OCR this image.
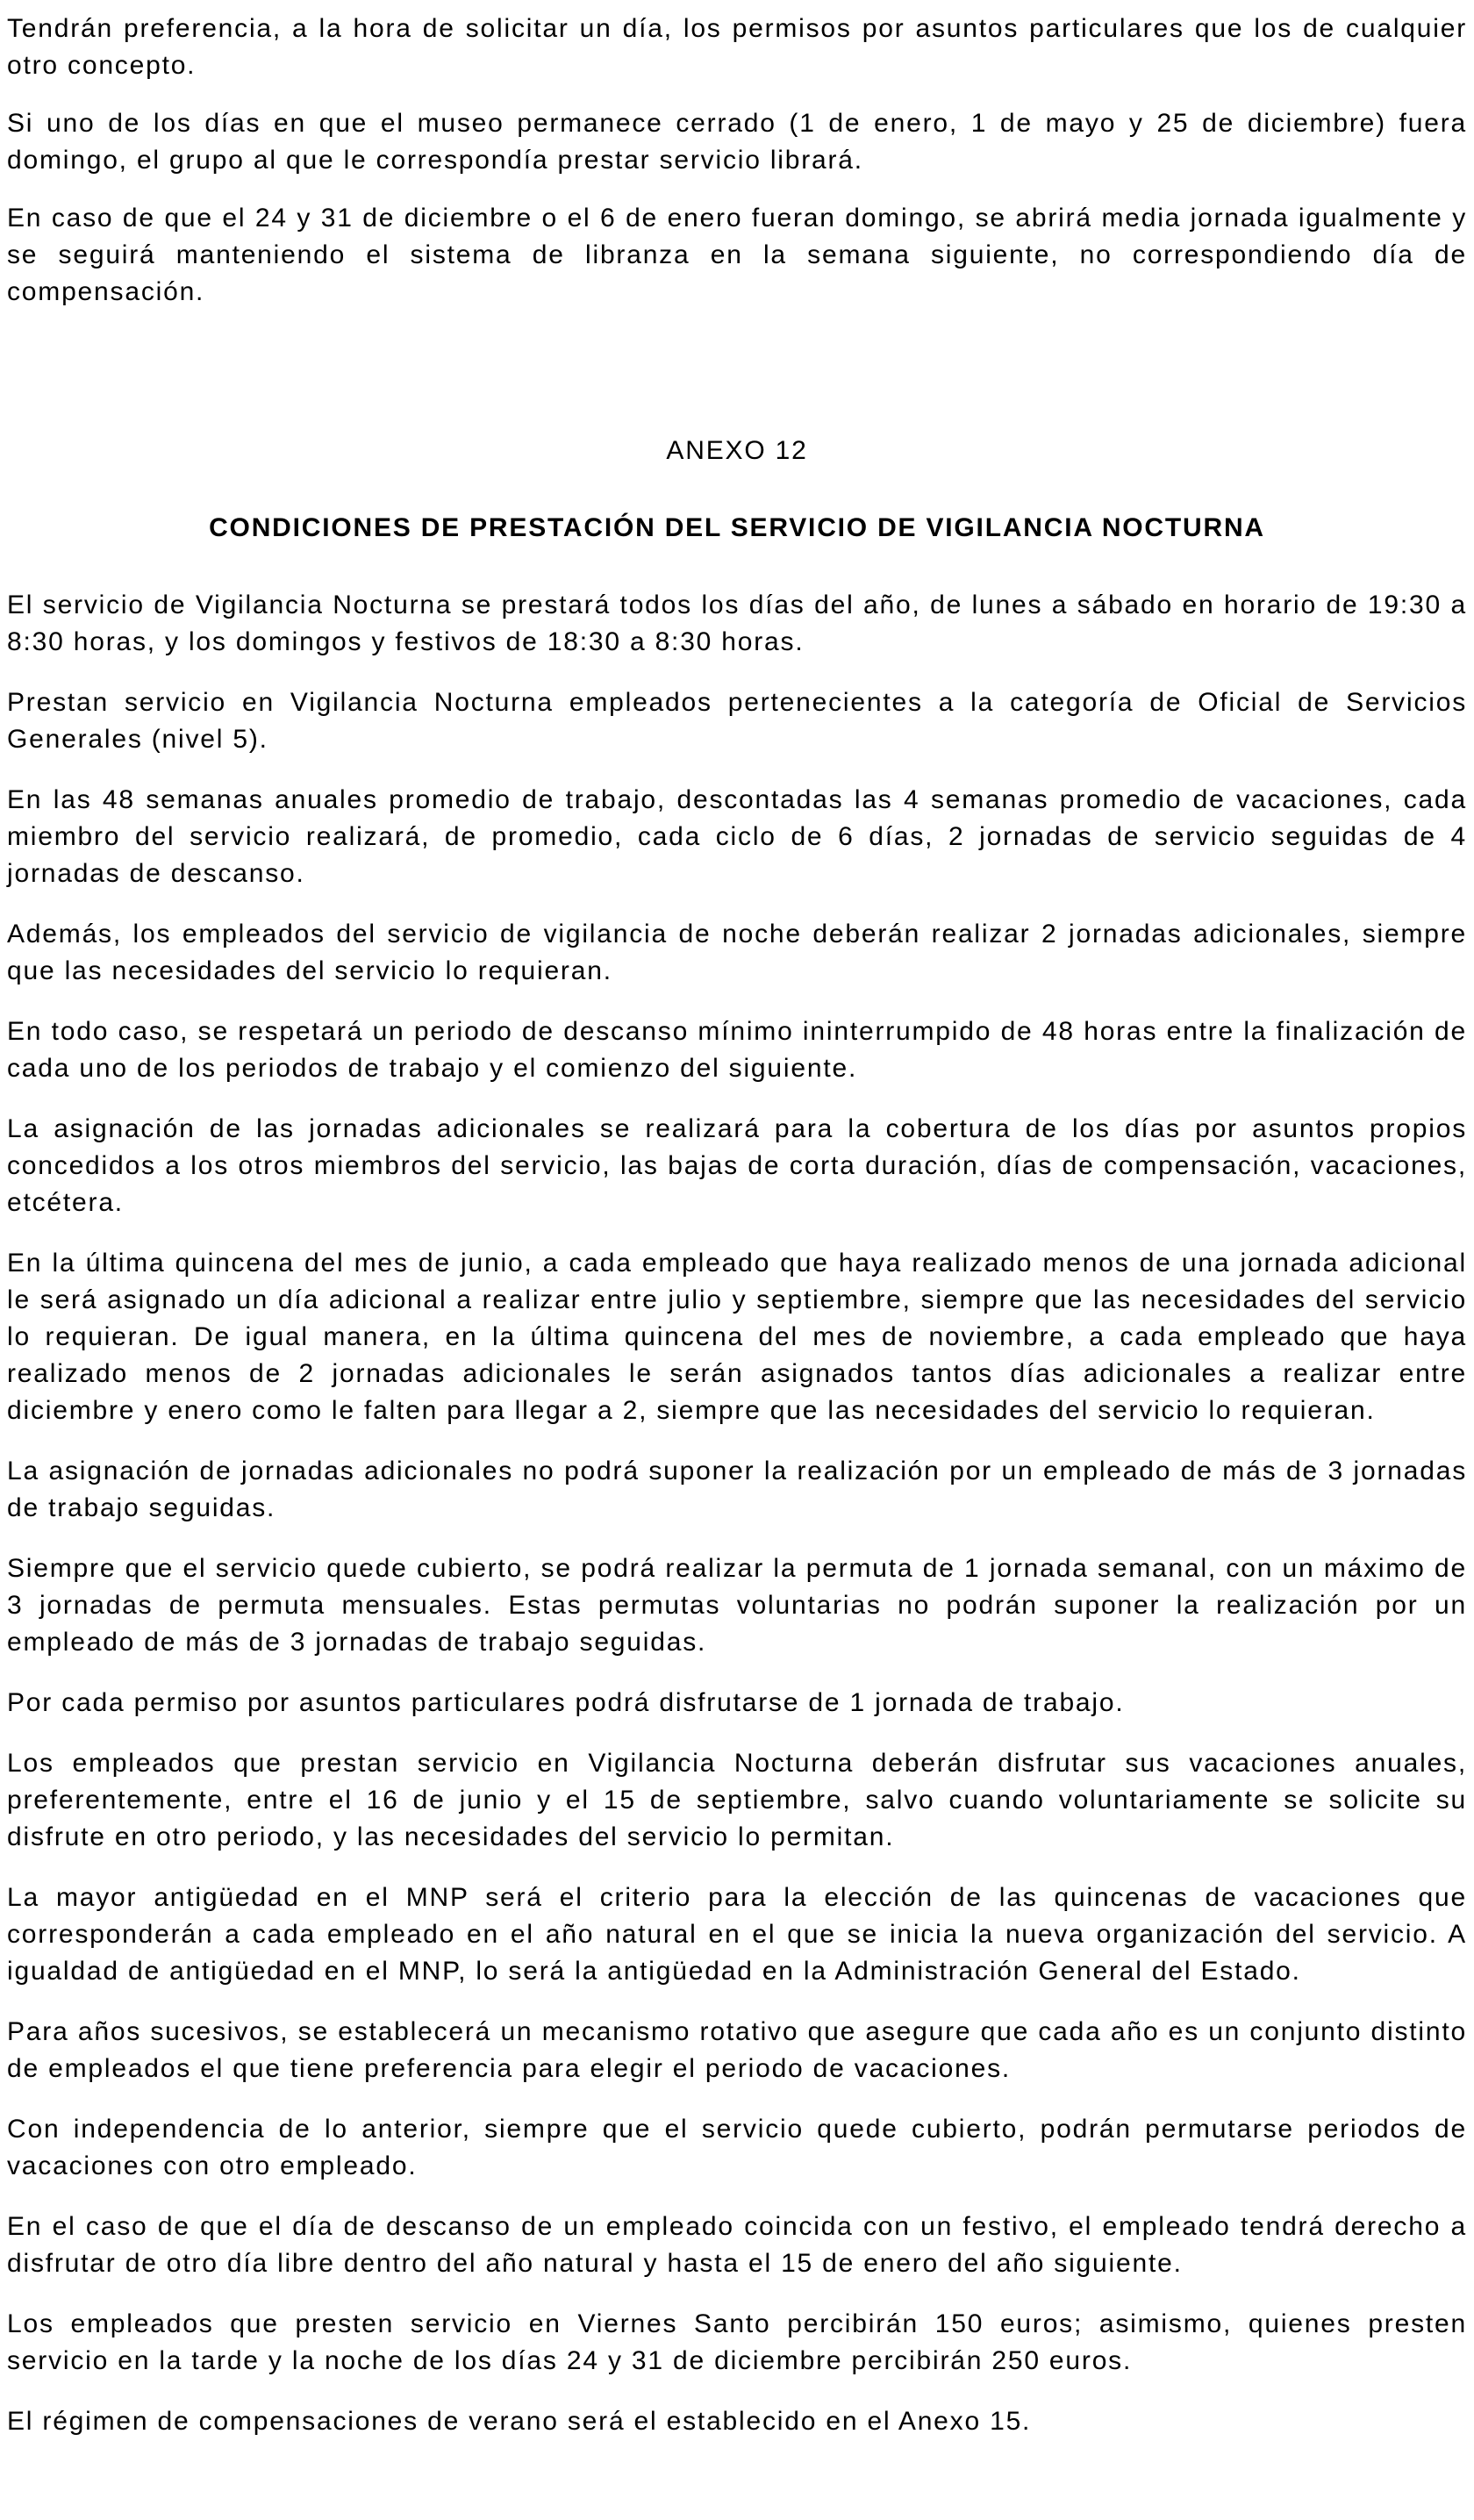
Tendrán preferencia, a la hora de solicitar un día, los permisos por asuntos particulares que los de cualquier otro concepto.

Si uno de los días en que el museo permanece cerrado (1 de enero, 1 de mayo y 25 de diciembre) fuera domingo, el grupo al que le correspondía prestar servicio librará.

En caso de que el 24 y 31 de diciembre o el 6 de enero fueran domingo, se abrirá media jornada igualmente y se seguirá manteniendo el sistema de libranza en la semana siguiente, no correspondiendo día de compensación.

ANEXO 12
CONDICIONES DE PRESTACIÓN DEL SERVICIO DE VIGILANCIA NOCTURNA

El servicio de Vigilancia Nocturna se prestará todos los días del año, de lunes a sábado en horario de 19:30 a 8:30 horas, y los domingos y festivos de 18:30 a 8:30 horas.

Prestan servicio en Vigilancia Nocturna empleados pertenecientes a la categoría de Oficial de Servicios Generales (nivel 5).

En las 48 semanas anuales promedio de trabajo, descontadas las 4 semanas promedio de vacaciones, cada miembro del servicio realizará, de promedio, cada ciclo de 6 días, 2 jornadas de servicio seguidas de 4 jornadas de descanso.

Además, los empleados del servicio de vigilancia de noche deberán realizar 2 jornadas adicionales, siempre que las necesidades del servicio lo requieran.

En todo caso, se respetará un periodo de descanso mínimo ininterrumpido de 48 horas entre la finalización de cada uno de los periodos de trabajo y el comienzo del siguiente.

La asignación de las jornadas adicionales se realizará para la cobertura de los días por asuntos propios concedidos a los otros miembros del servicio, las bajas de corta duración, días de compensación, vacaciones, etcétera.

En la última quincena del mes de junio, a cada empleado que haya realizado menos de una jornada adicional le será asignado un día adicional a realizar entre julio y septiembre, siempre que las necesidades del servicio lo requieran. De igual manera, en la última quincena del mes de noviembre, a cada empleado que haya realizado menos de 2 jornadas adicionales le serán asignados tantos días adicionales a realizar entre diciembre y enero como le falten para llegar a 2, siempre que las necesidades del servicio lo requieran.

La asignación de jornadas adicionales no podrá suponer la realización por un empleado de más de 3 jornadas de trabajo seguidas.

Siempre que el servicio quede cubierto, se podrá realizar la permuta de 1 jornada semanal, con un máximo de 3 jornadas de permuta mensuales. Estas permutas voluntarias no podrán suponer la realización por un empleado de más de 3 jornadas de trabajo seguidas.

Por cada permiso por asuntos particulares podrá disfrutarse de 1 jornada de trabajo.

Los empleados que prestan servicio en Vigilancia Nocturna deberán disfrutar sus vacaciones anuales, preferentemente, entre el 16 de junio y el 15 de septiembre, salvo cuando voluntariamente se solicite su disfrute en otro periodo, y las necesidades del servicio lo permitan.

La mayor antigüedad en el MNP será el criterio para la elección de las quincenas de vacaciones que corresponderán a cada empleado en el año natural en el que se inicia la nueva organización del servicio. A igualdad de antigüedad en el MNP, lo será la antigüedad en la Administración General del Estado.

Para años sucesivos, se establecerá un mecanismo rotativo que asegure que cada año es un conjunto distinto de empleados el que tiene preferencia para elegir el periodo de vacaciones.

Con independencia de lo anterior, siempre que el servicio quede cubierto, podrán permutarse periodos de vacaciones con otro empleado.

En el caso de que el día de descanso de un empleado coincida con un festivo, el empleado tendrá derecho a disfrutar de otro día libre dentro del año natural y hasta el 15 de enero del año siguiente.

Los empleados que presten servicio en Viernes Santo percibirán 150 euros; asimismo, quienes presten servicio en la tarde y la noche de los días 24 y 31 de diciembre percibirán 250 euros.

El régimen de compensaciones de verano será el establecido en el Anexo 15.
